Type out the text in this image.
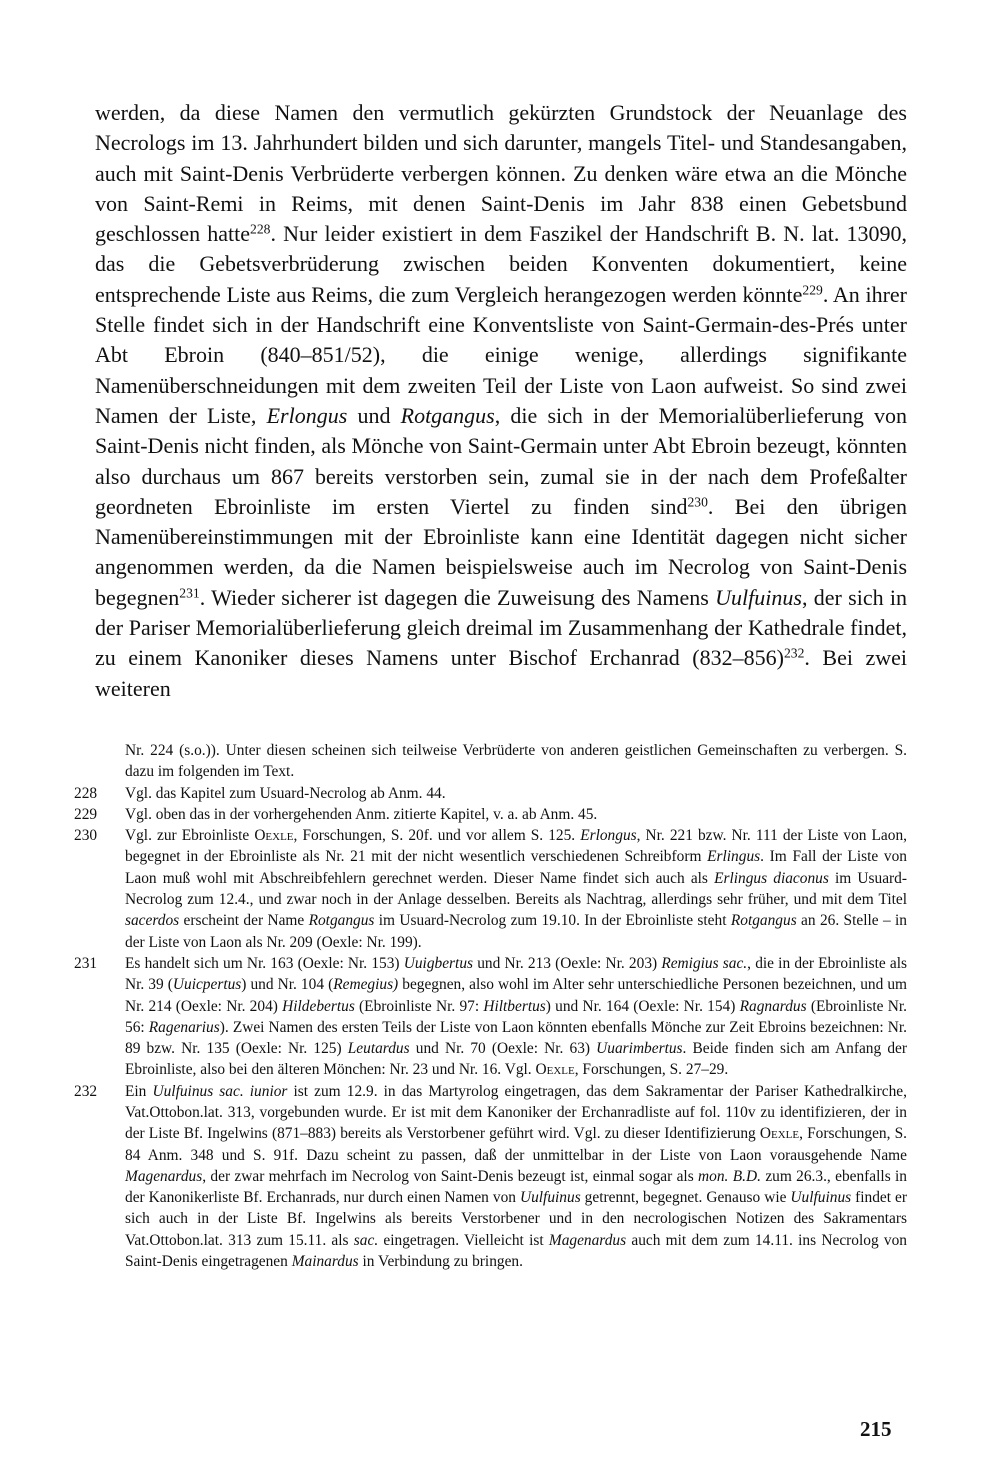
werden, da diese Namen den vermutlich gekürzten Grundstock der Neuanlage des Necrologs im 13. Jahrhundert bilden und sich darunter, mangels Titel- und Standesangaben, auch mit Saint-Denis Verbrüderte verbergen können. Zu denken wäre etwa an die Mönche von Saint-Remi in Reims, mit denen Saint-Denis im Jahr 838 einen Gebetsbund geschlossen hatte$^{228}$. Nur leider existiert in dem Faszikel der Handschrift B. N. lat. 13090, das die Gebetsverbrüderung zwischen beiden Konventen dokumentiert, keine entsprechende Liste aus Reims, die zum Vergleich herangezogen werden könnte$^{229}$. An ihrer Stelle findet sich in der Handschrift eine Konventsliste von Saint-Germain-des-Prés unter Abt Ebroin (840–851/52), die einige wenige, allerdings signifikante Namenüberschneidungen mit dem zweiten Teil der Liste von Laon aufweist. So sind zwei Namen der Liste, Erlongus und Rotgangus, die sich in der Memorialüberlieferung von Saint-Denis nicht finden, als Mönche von Saint-Germain unter Abt Ebroin bezeugt, könnten also durchaus um 867 bereits verstorben sein, zumal sie in der nach dem Profeßalter geordneten Ebroinliste im ersten Viertel zu finden sind$^{230}$. Bei den übrigen Namenübereinstimmungen mit der Ebroinliste kann eine Identität dagegen nicht sicher angenommen werden, da die Namen beispielsweise auch im Necrolog von Saint-Denis begegnen$^{231}$. Wieder sicherer ist dagegen die Zuweisung des Namens Uulfuinus, der sich in der Pariser Memorialüberlieferung gleich dreimal im Zusammenhang der Kathedrale findet, zu einem Kanoniker dieses Namens unter Bischof Erchanrad $(832-856)^{232}$. Bei zwei weiteren

Nr. 224 (s.o.)). Unter diesen scheinen sich teilweise Verbrüderte von anderen geistlichen Gemeinschaften zu verbergen. S. dazu im folgenden im Text.

228 Vgl. das Kapitel zum Usuard-Necrolog ab Anm. 44.

229 Vgl. oben das in der vorhergehenden Anm. zitierte Kapitel, v. a. ab Anm. 45.

230 Vgl. zur Ebroinliste Oexle, Forschungen, S. 20f. und vor allem S. 125. Erlongus, Nr. 221 bzw. Nr. 111 der Liste von Laon, begegnet in der Ebroinliste als Nr. 21 mit der nicht wesentlich verschiedenen Schreibform Erlingus. Im Fall der Liste von Laon muß wohl mit Abschreibfehlern gerechnet werden. Dieser Name findet sich auch als Erlingus diaconus im Usuard-Necrolog zum 12.4., und zwar noch in der Anlage desselben. Bereits als Nachtrag, allerdings sehr früher, und mit dem Titel sacerdos erscheint der Name Rotgangus im Usuard-Necrolog zum 19.10. In der Ebroinliste steht Rotgangus an 26. Stelle – in der Liste von Laon als Nr. 209 (Oexle: Nr. 199).

231 Es handelt sich um Nr. 163 (Oexle: Nr. 153) Uuigbertus und Nr. 213 (Oexle: Nr. 203) Remigius sac., die in der Ebroinliste als Nr. 39 (Uuicpertus) und Nr. 104 (Remegius) begegnen, also wohl im Alter sehr unterschiedliche Personen bezeichnen, und um Nr. 214 (Oexle: Nr. 204) Hildebertus (Ebroinliste Nr. 97: Hiltbertus) und Nr. 164 (Oexle: Nr. 154) Ragnardus (Ebroinliste Nr. 56: Ragenarius). Zwei Namen des ersten Teils der Liste von Laon könnten ebenfalls Mönche zur Zeit Ebroins bezeichnen: Nr. 89 bzw. Nr. 135 (Oexle: Nr. 125) Leutardus und Nr. 70 (Oexle: Nr. 63) Uuarimbertus. Beide finden sich am Anfang der Ebroinliste, also bei den älteren Mönchen: Nr. 23 und Nr. 16. Vgl. Oexle, Forschungen, S. 27–29.

232 Ein Uulfuinus sac. iunior ist zum 12.9. in das Martyrolog eingetragen, das dem Sakramentar der Pariser Kathedralkirche, Vat.Ottobon.lat. 313, vorgebunden wurde. Er ist mit dem Kanoniker der Erchanradliste auf fol. 110v zu identifizieren, der in der Liste Bf. Ingelwins (871–883) bereits als Verstorbener geführt wird. Vgl. zu dieser Identifizierung Oexle, Forschungen, S. 84 Anm. 348 und S. 91f. Dazu scheint zu passen, daß der unmittelbar in der Liste von Laon vorausgehende Name Magenardus, der zwar mehrfach im Necrolog von Saint-Denis bezeugt ist, einmal sogar als mon. B.D. zum 26.3., ebenfalls in der Kanonikerliste Bf. Erchanrads, nur durch einen Namen von Uulfuinus getrennt, begegnet. Genauso wie Uulfuinus findet er sich auch in der Liste Bf. Ingelwins als bereits Verstorbener und in den necrologischen Notizen des Sakramentars Vat.Ottobon.lat. 313 zum 15.11. als sac. eingetragen. Vielleicht ist Magenardus auch mit dem zum 14.11. ins Necrolog von Saint-Denis eingetragenen Mainardus in Verbindung zu bringen.

215
